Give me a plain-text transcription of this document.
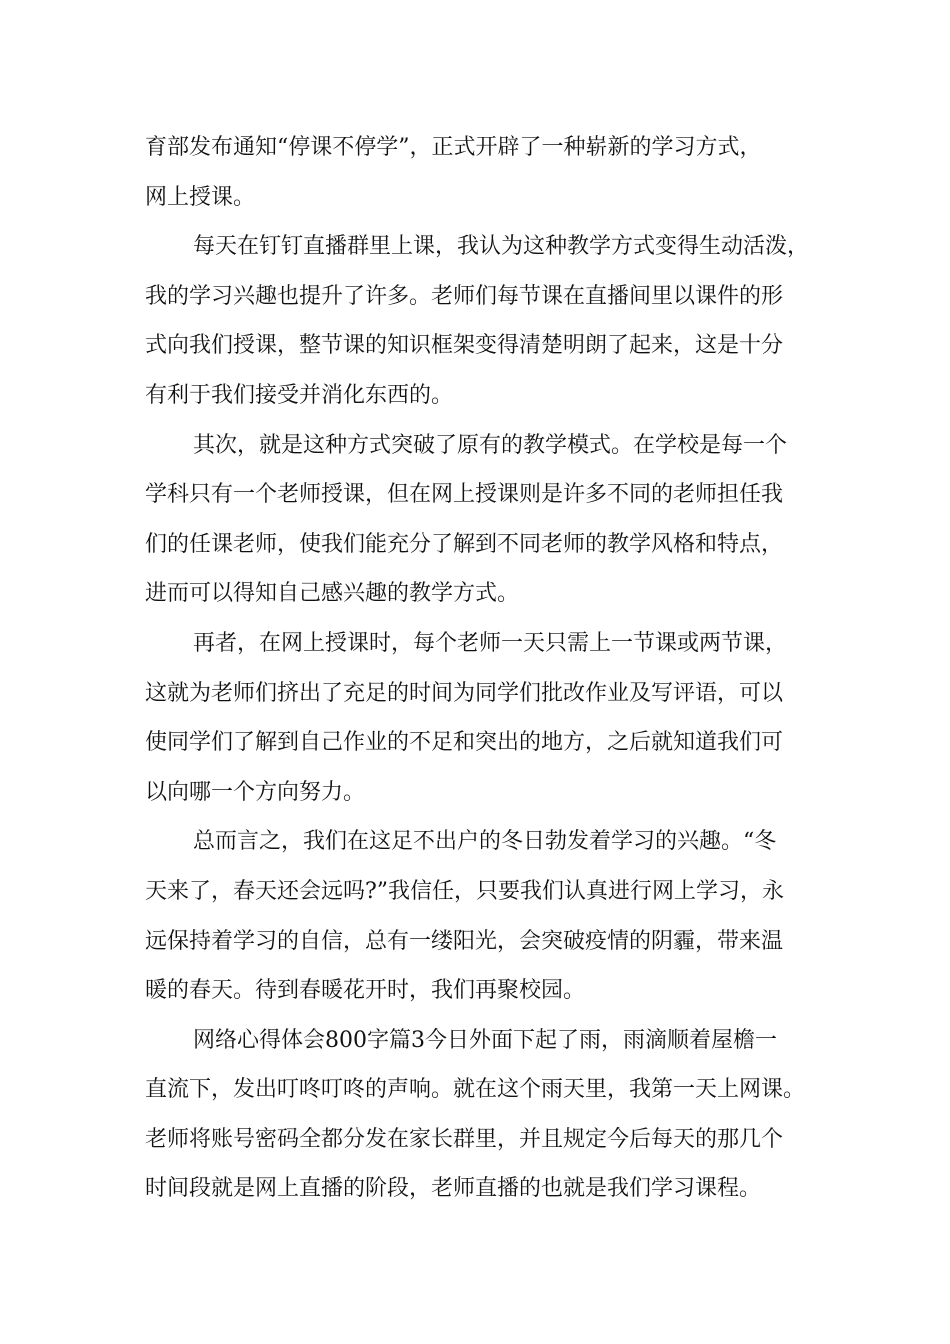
育部发布通知“停课不停学”，正式开辟了一种崭新的学习方式，
网上授课。
每天在钉钉直播群里上课，我认为这种教学方式变得生动活泼，
我的学习兴趣也提升了许多。老师们每节课在直播间里以课件的形
式向我们授课，整节课的知识框架变得清楚明朗了起来，这是十分
有利于我们接受并消化东西的。
其次，就是这种方式突破了原有的教学模式。在学校是每一个
学科只有一个老师授课，但在网上授课则是许多不同的老师担任我
们的任课老师，使我们能充分了解到不同老师的教学风格和特点，
进而可以得知自己感兴趣的教学方式。
再者，在网上授课时，每个老师一天只需上一节课或两节课，
这就为老师们挤出了充足的时间为同学们批改作业及写评语，可以
使同学们了解到自己作业的不足和突出的地方，之后就知道我们可
以向哪一个方向努力。
总而言之，我们在这足不出户的冬日勃发着学习的兴趣。“冬
天来了，春天还会远吗?”我信任，只要我们认真进行网上学习，永
远保持着学习的自信，总有一缕阳光，会突破疫情的阴霾，带来温
暖的春天。待到春暖花开时，我们再聚校园。
网络心得体会800字篇3今日外面下起了雨，雨滴顺着屋檐一
直流下，发出叮咚叮咚的声响。就在这个雨天里，我第一天上网课。
老师将账号密码全都分发在家长群里，并且规定今后每天的那几个
时间段就是网上直播的阶段，老师直播的也就是我们学习课程。
